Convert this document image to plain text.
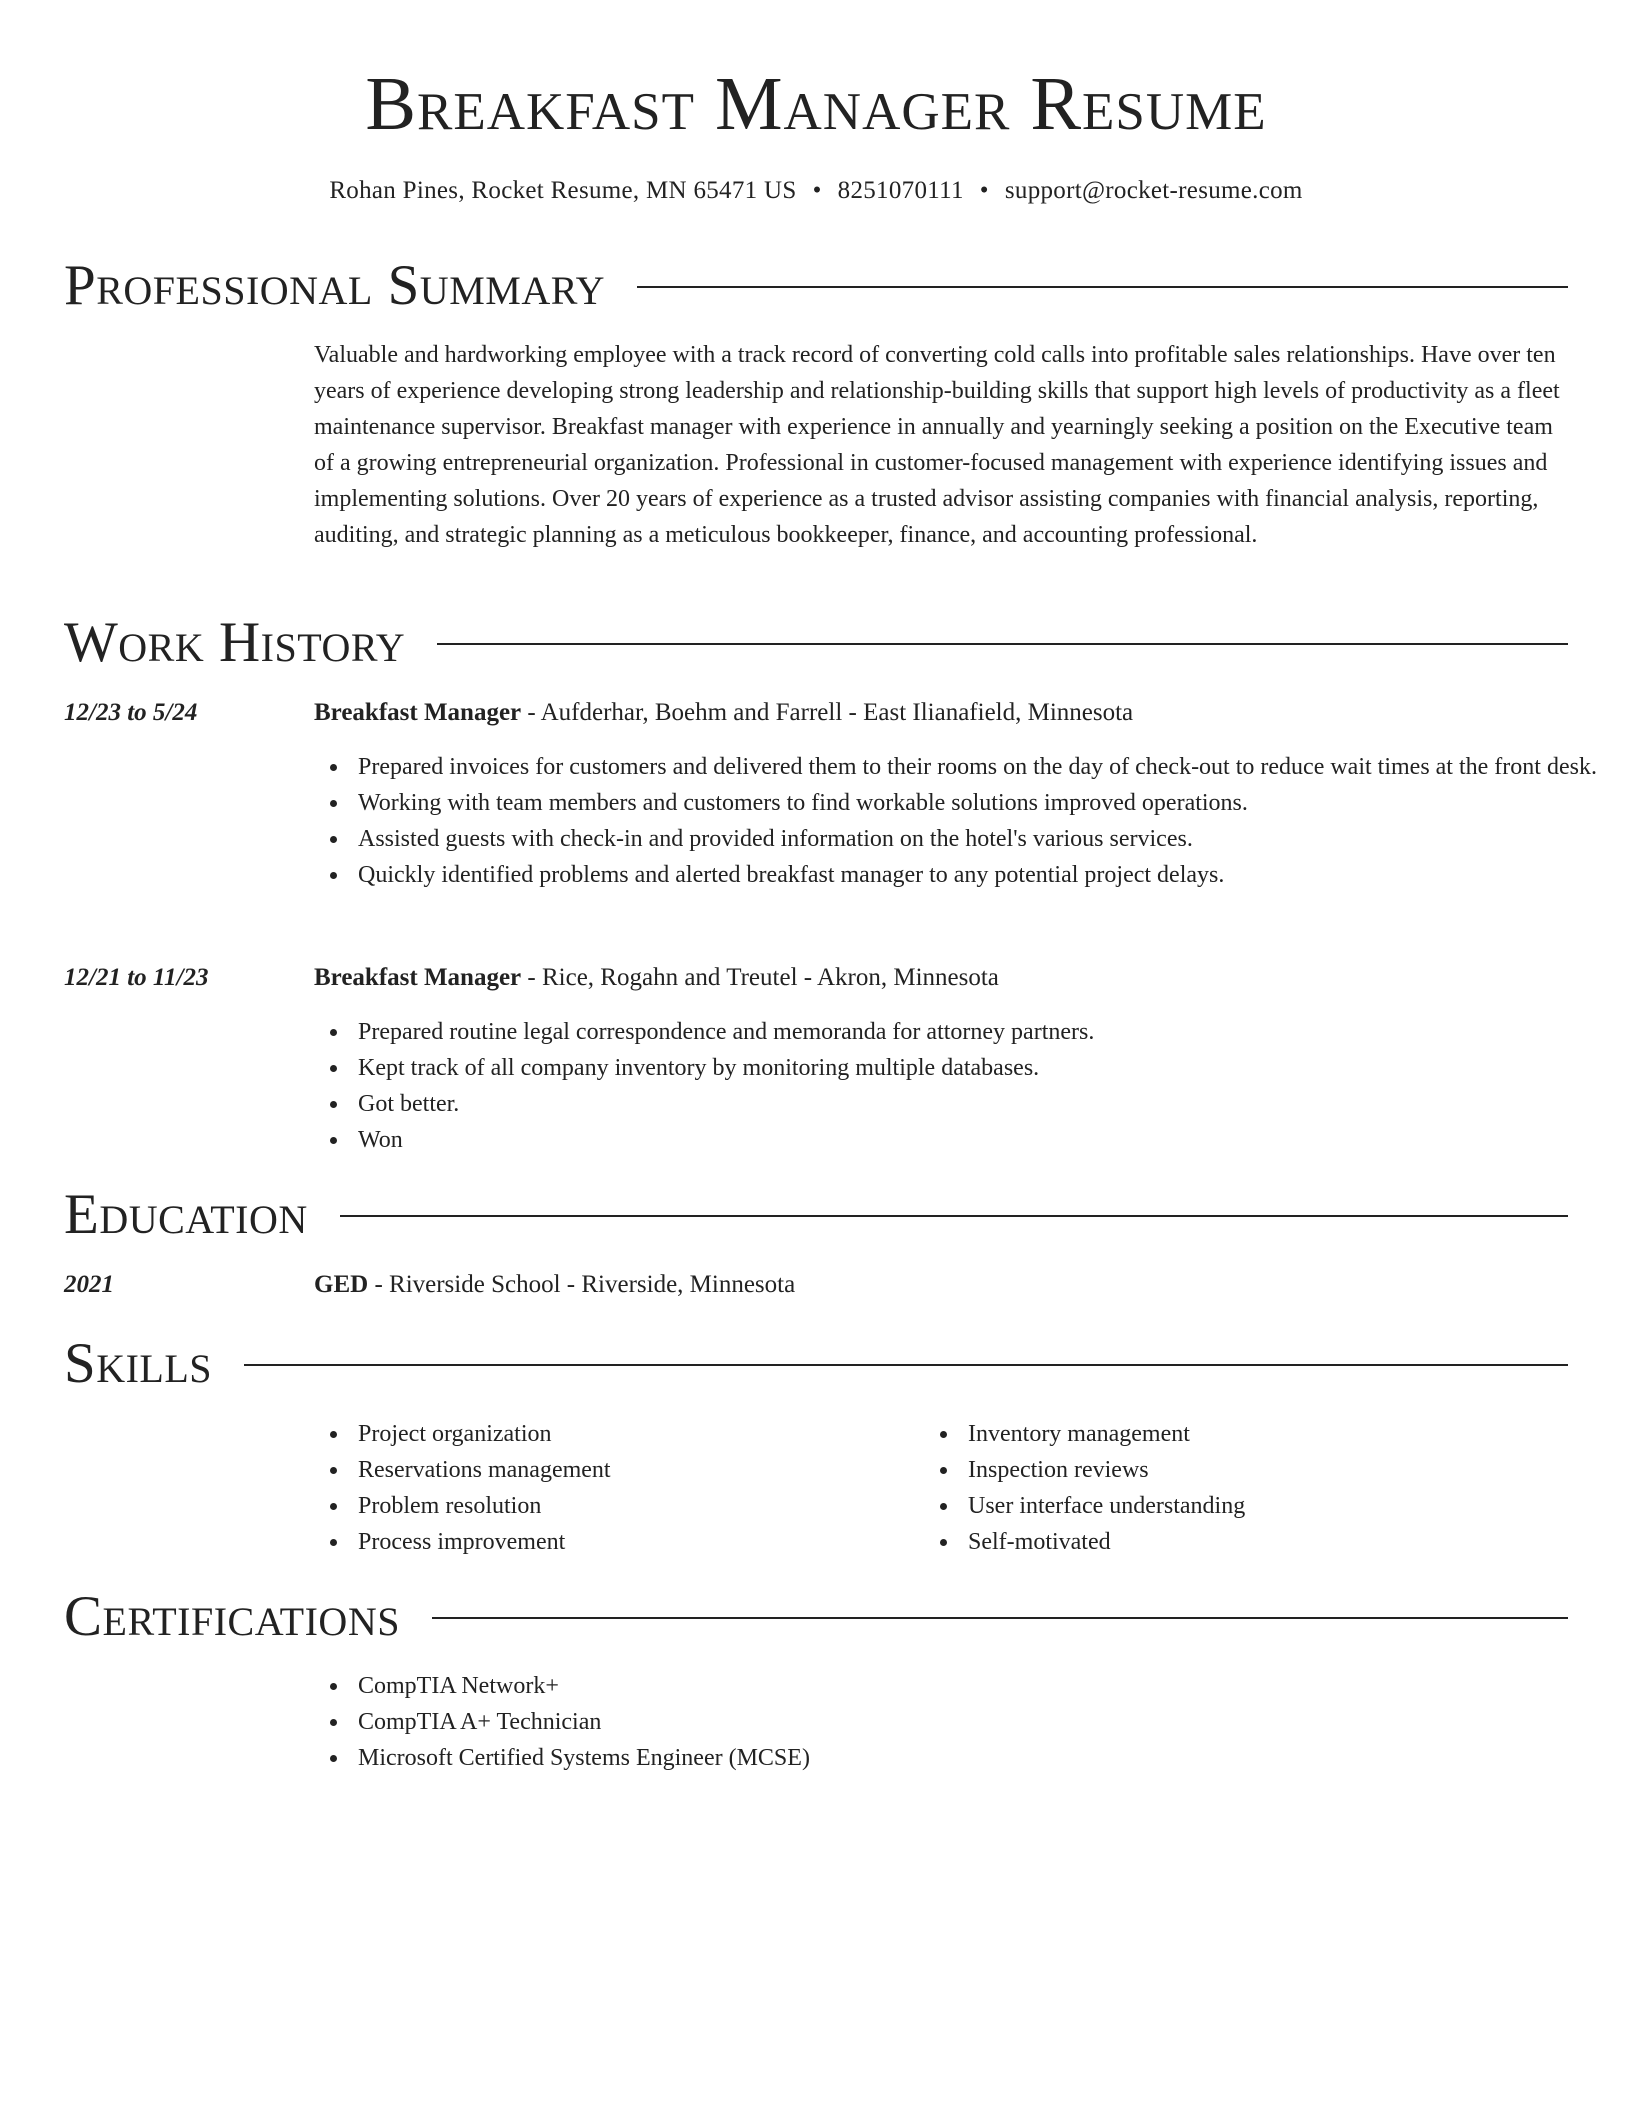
Breakfast Manager Resume
Rohan Pines, Rocket Resume, MN 65471 US • 8251070111 • support@rocket-resume.com
Professional Summary

Valuable and hardworking employee with a track record of converting cold calls into profitable sales relationships. Have over ten years of experience developing strong leadership and relationship-building skills that support high levels of productivity as a fleet maintenance supervisor. Breakfast manager with experience in annually and yearningly seeking a position on the Executive team of a growing entrepreneurial organization. Professional in customer-focused management with experience identifying issues and implementing solutions. Over 20 years of experience as a trusted advisor assisting companies with financial analysis, reporting, auditing, and strategic planning as a meticulous bookkeeper, finance, and accounting professional.

Work History
12/23 to 5/24	Breakfast Manager - Aufderhar, Boehm and Farrell - East Ilianafield, Minnesota
Prepared invoices for customers and delivered them to their rooms on the day of check-out to reduce wait times at the front desk.
Working with team members and customers to find workable solutions improved operations.
Assisted guests with check-in and provided information on the hotel's various services.
Quickly identified problems and alerted breakfast manager to any potential project delays.
12/21 to 11/23	Breakfast Manager - Rice, Rogahn and Treutel - Akron, Minnesota
Prepared routine legal correspondence and memoranda for attorney partners.
Kept track of all company inventory by monitoring multiple databases.
Got better.
Won
Education
2021	GED - Riverside School - Riverside, Minnesota
Skills
Project organization
Reservations management
Problem resolution
Process improvement
Inventory management
Inspection reviews
User interface understanding
Self-motivated
Certifications
CompTIA Network+
CompTIA A+ Technician
Microsoft Certified Systems Engineer (MCSE)
